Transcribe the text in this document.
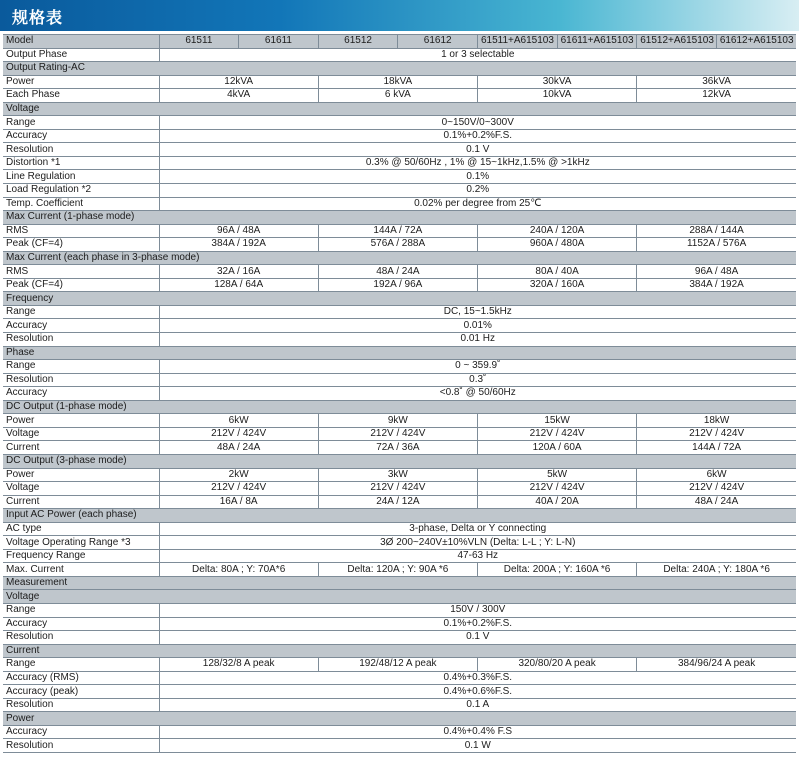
规格表
Model	61511	61611	61512	61612	61511+A615103	61611+A615103	61512+A615103	61612+A615103
Output Phase	1 or 3 selectable							
Output Rating-AC								
Power	12kVA		18kVA		30kVA		36kVA	
Each Phase	4kVA		6 kVA		10kVA		12kVA	
Voltage								
Range	0~150V/0~300V							
Accuracy	0.1%+0.2%F.S.							
Resolution	0.1 V							
Distortion *1	0.3% @ 50/60Hz , 1% @ 15~1kHz,1.5% @ >1kHz							
Line Regulation	0.1%							
Load Regulation *2	0.2%							
Temp. Coefficient	0.02% per degree from 25℃							
Max Current (1-phase mode)								
RMS	96A / 48A		144A / 72A		240A / 120A		288A / 144A	
Peak (CF=4)	384A / 192A		576A / 288A		960A / 480A		1152A / 576A	
Max Current (each phase in 3-phase mode)								
RMS	32A / 16A		48A / 24A		80A / 40A		96A / 48A	
Peak (CF=4)	128A / 64A		192A / 96A		320A / 160A		384A / 192A	
Frequency								
Range	DC, 15~1.5kHz							
Accuracy	0.01%							
Resolution	0.01 Hz							
Phase								
Range	0 ~ 359.9˚							
Resolution	0.3˚							
Accuracy	<0.8˚ @ 50/60Hz							
DC Output (1-phase mode)								
Power	6kW		9kW		15kW		18kW	
Voltage	212V / 424V		212V / 424V		212V / 424V		212V / 424V	
Current	48A / 24A		72A / 36A		120A / 60A		144A / 72A	
DC Output (3-phase mode)								
Power	2kW		3kW		5kW		6kW	
Voltage	212V / 424V		212V / 424V		212V / 424V		212V / 424V	
Current	16A / 8A		24A / 12A		40A / 20A		48A / 24A	
Input AC Power (each phase)								
AC type	3-phase, Delta or Y connecting							
Voltage Operating Range *3	3Ø 200~240V±10%VLN (Delta: L-L ; Y: L-N)							
Frequency Range	47-63 Hz							
Max. Current	Delta: 80A ; Y: 70A*6		Delta: 120A ; Y: 90A *6		Delta: 200A ; Y: 160A *6		Delta: 240A ; Y: 180A *6	
Measurement								
Voltage								
Range	150V / 300V							
Accuracy	0.1%+0.2%F.S.							
Resolution	0.1 V							
Current								
Range	128/32/8 A peak		192/48/12 A peak		320/80/20 A peak		384/96/24 A peak	
Accuracy (RMS)	0.4%+0.3%F.S.							
Accuracy (peak)	0.4%+0.6%F.S.							
Resolution	0.1 A							
Power								
Accuracy	0.4%+0.4% F.S							
Resolution	0.1 W							
